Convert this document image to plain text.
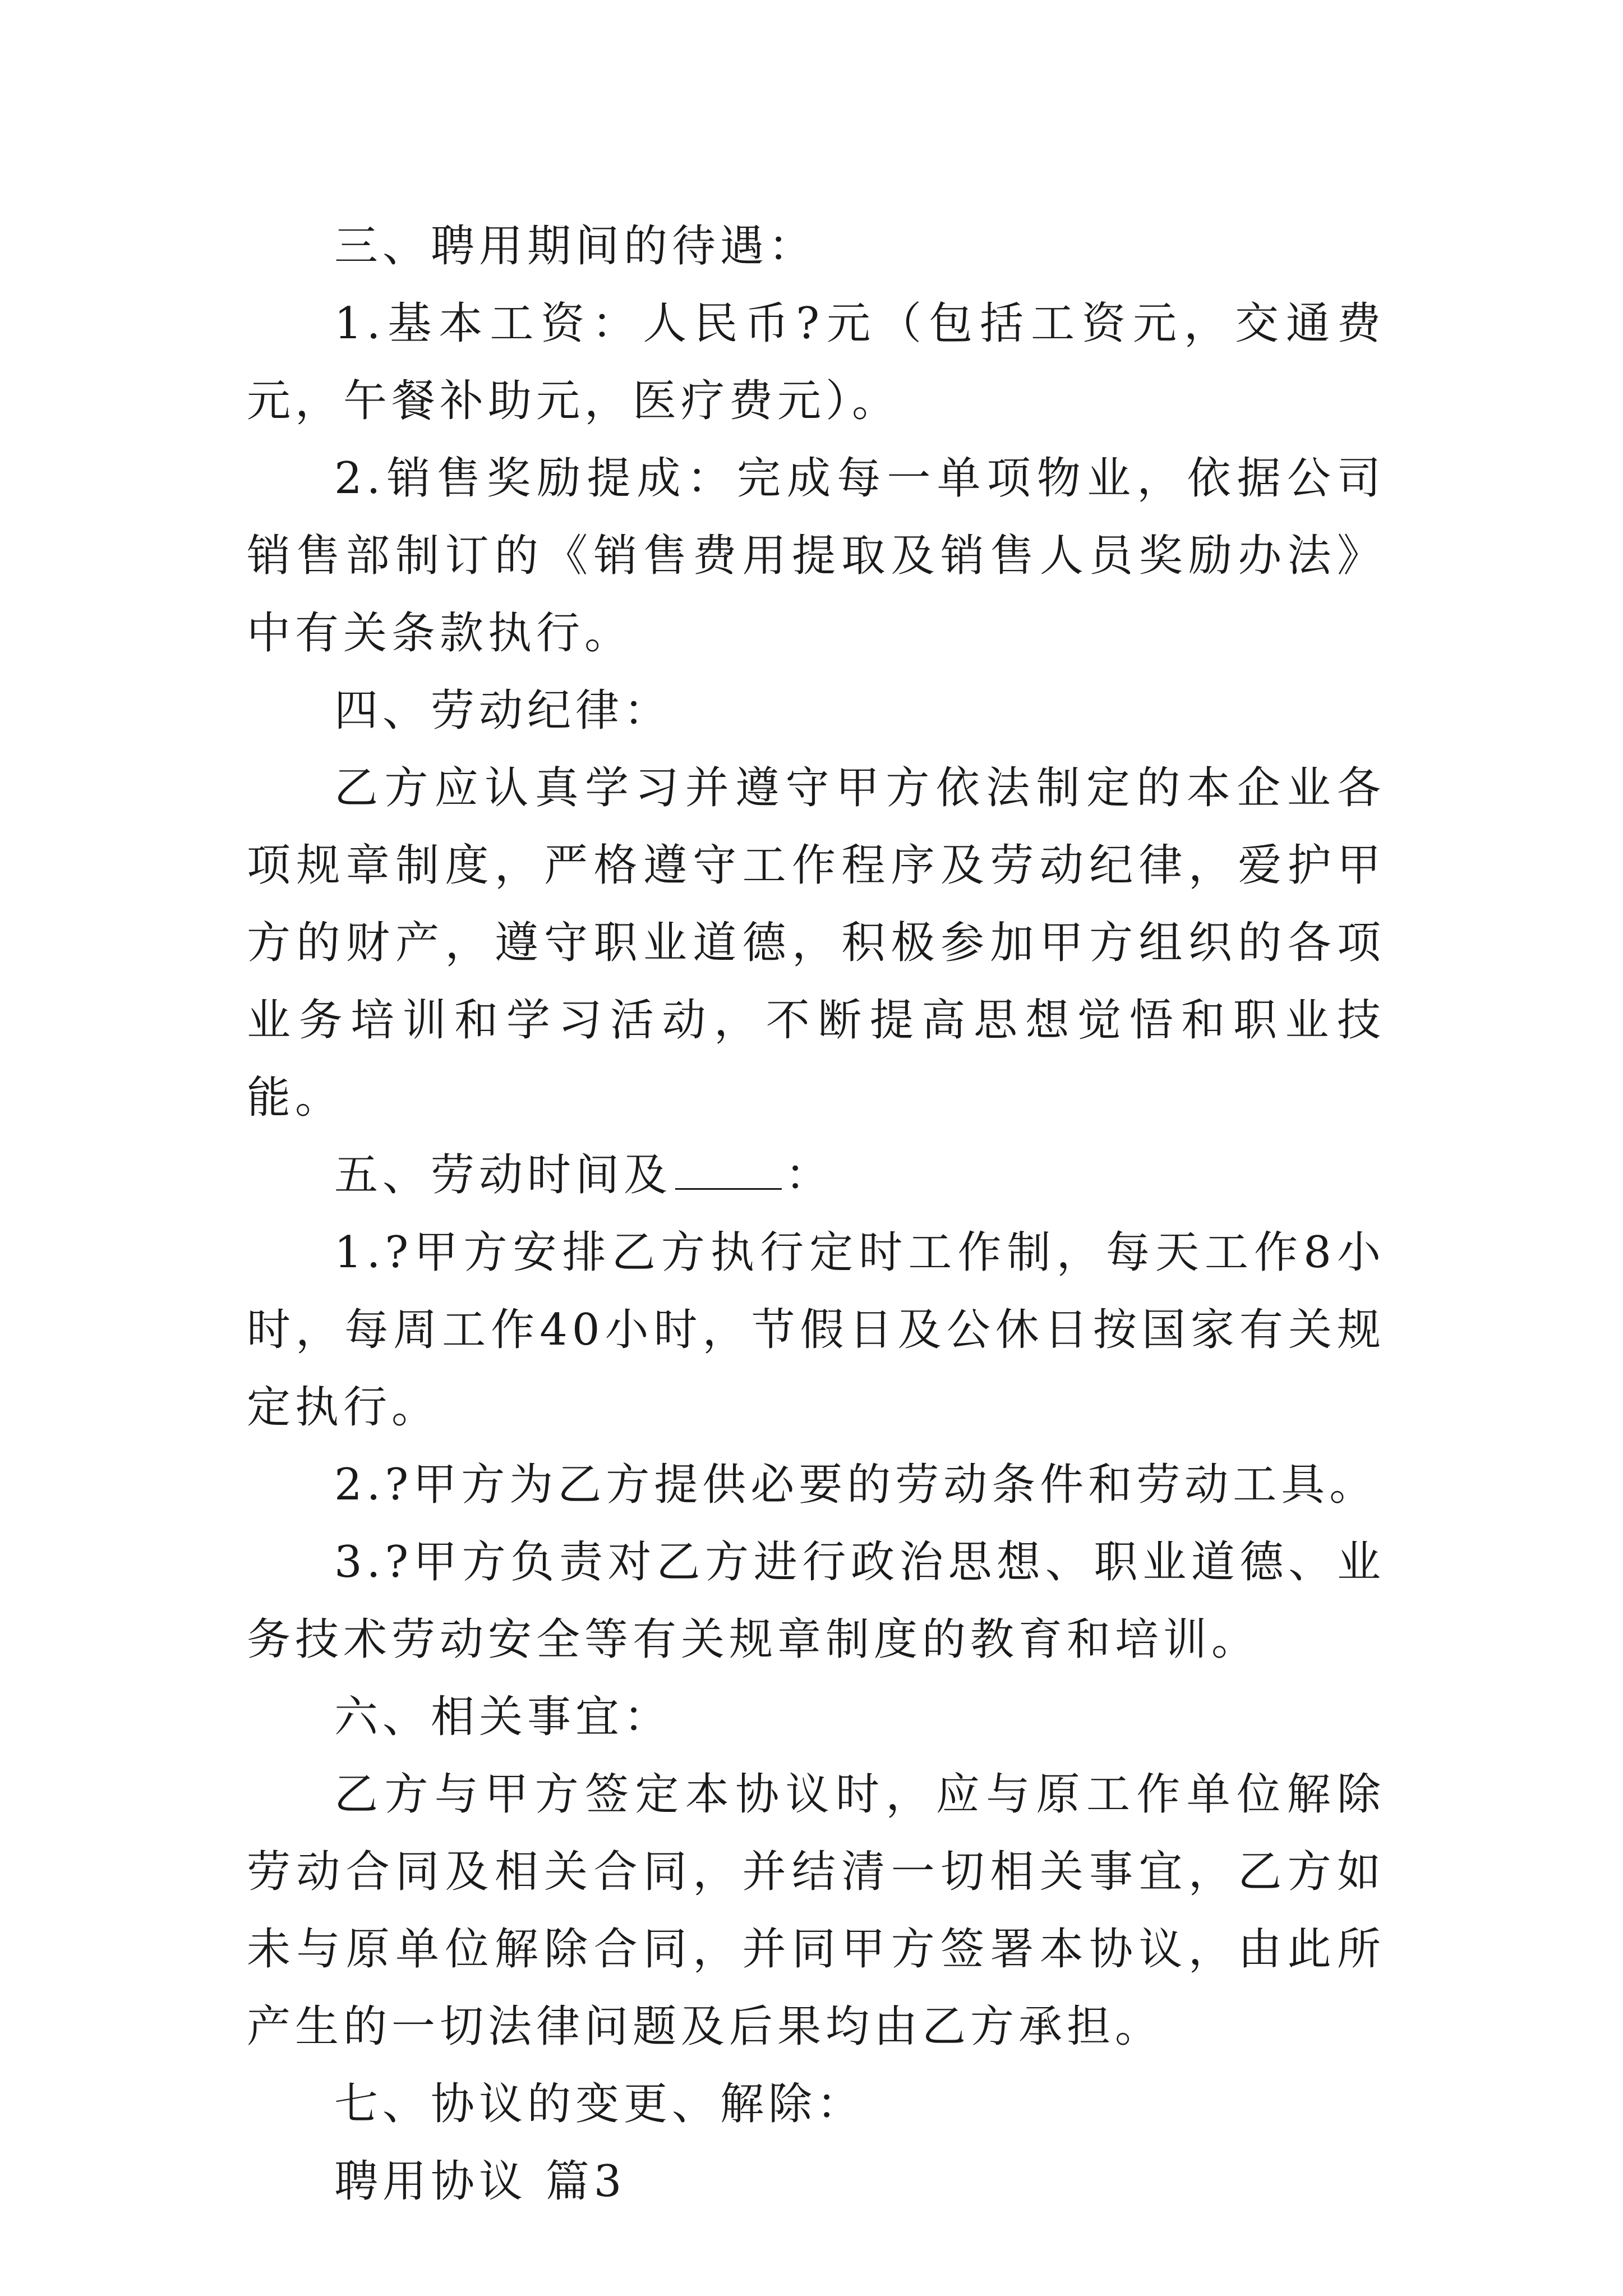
三、聘用期间的待遇：

1.基本工资：人民币?元（包括工资元，交通费元，午餐补助元，医疗费元）。

2.销售奖励提成：完成每一单项物业，依据公司销售部制订的《销售费用提取及销售人员奖励办法》中有关条款执行。

四、劳动纪律：

乙方应认真学习并遵守甲方依法制定的本企业各项规章制度，严格遵守工作程序及劳动纪律，爱护甲方的财产，遵守职业道德，积极参加甲方组织的各项业务培训和学习活动，不断提高思想觉悟和职业技能。

五、劳动时间及	：

1.?甲方安排乙方执行定时工作制，每天工作8小时，每周工作40小时，节假日及公休日按国家有关规定执行。

2.?甲方为乙方提供必要的劳动条件和劳动工具。

3.?甲方负责对乙方进行政治思想、职业道德、业务技术劳动安全等有关规章制度的教育和培训。

六、相关事宜：

乙方与甲方签定本协议时，应与原工作单位解除劳动合同及相关合同，并结清一切相关事宜，乙方如未与原单位解除合同，并同甲方签署本协议，由此所产生的一切法律问题及后果均由乙方承担。

七、协议的变更、解除：

聘用协议 篇3
